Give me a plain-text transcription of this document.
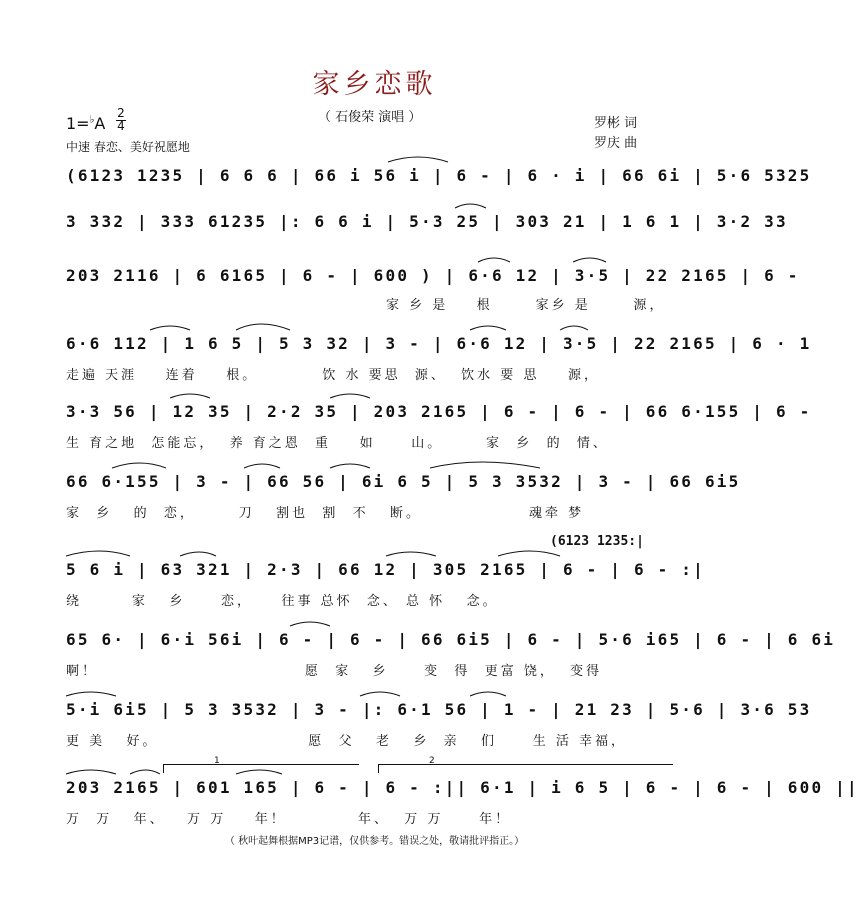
家乡恋歌
（ 石俊荣 演唱 ）	罗彬 词
罗庆 曲
1=♭A
2
4
中速 春恋、美好祝愿地
(6123 1235 | 6 6 6 | 66 i 56 i | 6 - | 6 · i | 66 6i | 5·6 5325
3 332 | 333 61235 |: 6 6 i | 5·3 25 | 303 21 | 1 6 1 | 3·2 33
203 2116 | 6 6165 | 6 - | 600 ) | 6·6 12 | 3·5 | 22 2165 | 6 -
6·6 112 | 1 6 5 | 5 3 32 | 3 - | 6·6 12 | 3·5 | 22 2165 | 6 · 1
3·3 56 | 12 35 | 2·2 35 | 203 2165 | 6 - | 6 - | 66 6·155 | 6 -
66 6·155 | 3 - | 66 56 | 6i 6 5 | 5 3 3532 | 3 - | 66 6i5
5 6 i | 63 321 | 2·3 | 66 12 | 305 2165 | 6 - | 6 - :|
65 6· | 6·i 56i | 6 - | 6 - | 66 6i5 | 6 - | 5·6 i65 | 6 - | 6 6i
5·i 6i5 | 5 3 3532 | 3 - |: 6·1 56 | 1 - | 21 23 | 5·6 | 3·6 53
203 2165 | 601 165 | 6 - | 6 - :|| 6·1 | i 6 5 | 6 - | 6 - | 600 ||
(6123 1235:|
1	2
家 乡 是    根      家乡 是      源，
走遍 天涯    连着    根。         饮 水 要思  源、  饮水 要 思    源，
生 育之地  怎能忘，  养 育之恩  重    如     山。      家  乡  的  情、
家  乡   的  恋，      刀   割也  割  不   断。               魂牵 梦
绕       家   乡     恋，    往事 总怀  念、 总 怀   念。
啊！                             愿  家   乡     变  得  更富 饶，  变得
更 美   好。                     愿  父   老   乡  亲   们     生 活 幸福，
万  万   年、   万 万    年！          年、  万 万     年！
（ 秋叶起舞根据MP3记谱，仅供参考。错误之处，敬请批评指正。）
